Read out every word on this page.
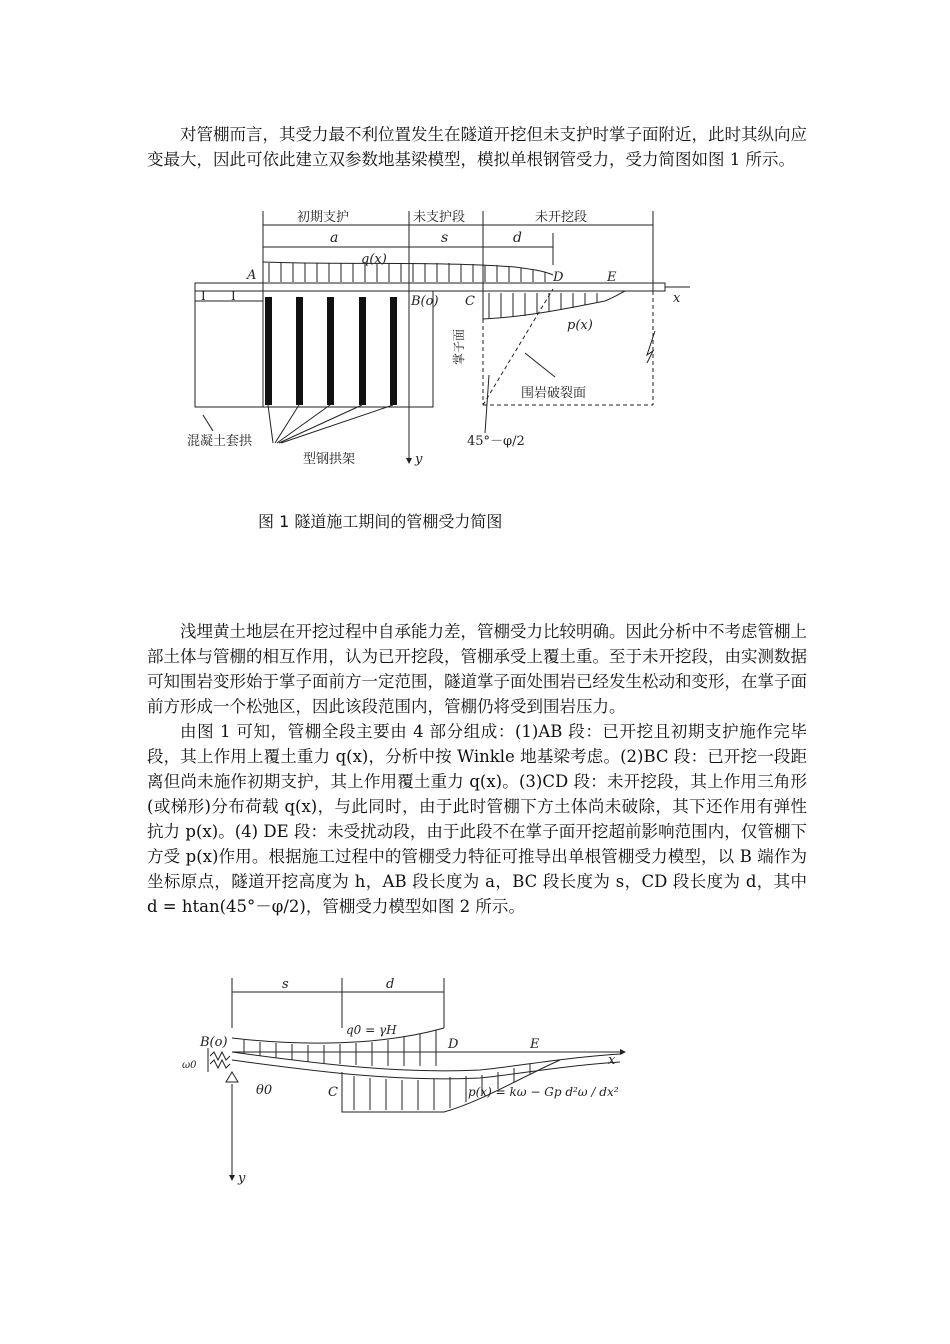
对管棚而言，其受力最不利位置发生在隧道开挖但未支护时掌子面附近，此时其纵向应变最大，因此可依此建立双参数地基梁模型，模拟单根钢管受力，受力简图如图 1 所示。

初期支护	未支护段	未开挖段
a	s	d
q(x)
x
A	D	E
B(o) C
I I
混凝土套拱
型钢拱架	y
掌子面
围岩破裂面
45°－φ/2
p(x)
图 1 隧道施工期间的管棚受力简图

浅埋黄土地层在开挖过程中自承能力差，管棚受力比较明确。因此分析中不考虑管棚上部土体与管棚的相互作用，认为已开挖段，管棚承受上覆土重。至于未开挖段，由实测数据可知围岩变形始于掌子面前方一定范围，隧道掌子面处围岩已经发生松动和变形，在掌子面前方形成一个松弛区，因此该段范围内，管棚仍将受到围岩压力。

由图 1 可知，管棚全段主要由 4 部分组成：(1)AB 段：已开挖且初期支护施作完毕段，其上作用上覆土重力 q(x)，分析中按 Winkle 地基梁考虑。(2)BC 段：已开挖一段距离但尚未施作初期支护，其上作用覆土重力 q(x)。(3)CD 段：未开挖段，其上作用三角形(或梯形)分布荷载 q(x)，与此同时，由于此时管棚下方土体尚未破除，其下还作用有弹性抗力 p(x)。(4) DE 段：未受扰动段，由于此段不在掌子面开挖超前影响范围内，仅管棚下方受 p(x)作用。根据施工过程中的管棚受力特征可推导出单根管棚受力模型，以 B 端作为坐标原点，隧道开挖高度为 h，AB 段长度为 a，BC 段长度为 s，CD 段长度为 d，其中 d = htan(45°－φ/2)，管棚受力模型如图 2 所示。

s	d
q0 = γH
x
B(o)	D	E
C
ω0
θ0	p(x) = kω − Gp d²ω / dx²
y
